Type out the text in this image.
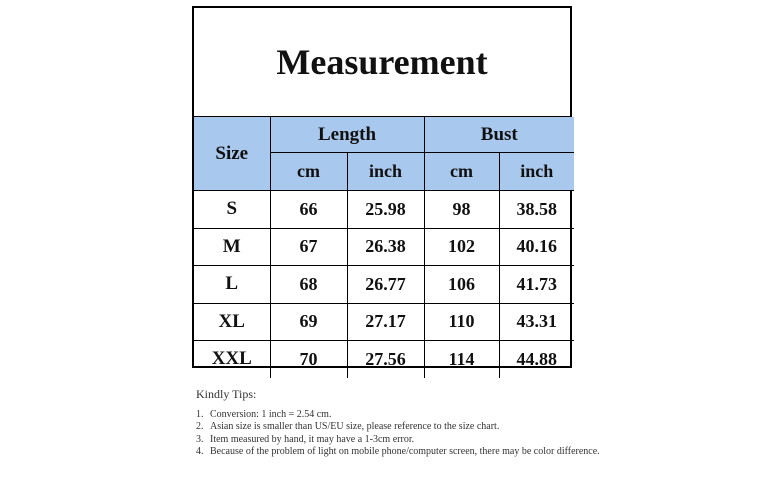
Measurement
Size	Length		Bust	
	cm	inch	cm	inch
S	66	25.98	98	38.58
M	67	26.38	102	40.16
L	68	26.77	106	41.73
XL	69	27.17	110	43.31
XXL	70	27.56	114	44.88
Kindly Tips:
1. Conversion: 1 inch = 2.54 cm.
2. Asian size is smaller than US/EU size, please reference to the size chart.
3. Item measured by hand, it may have a 1-3cm error.
4. Because of the problem of light on mobile phone/computer screen, there may be color difference.
